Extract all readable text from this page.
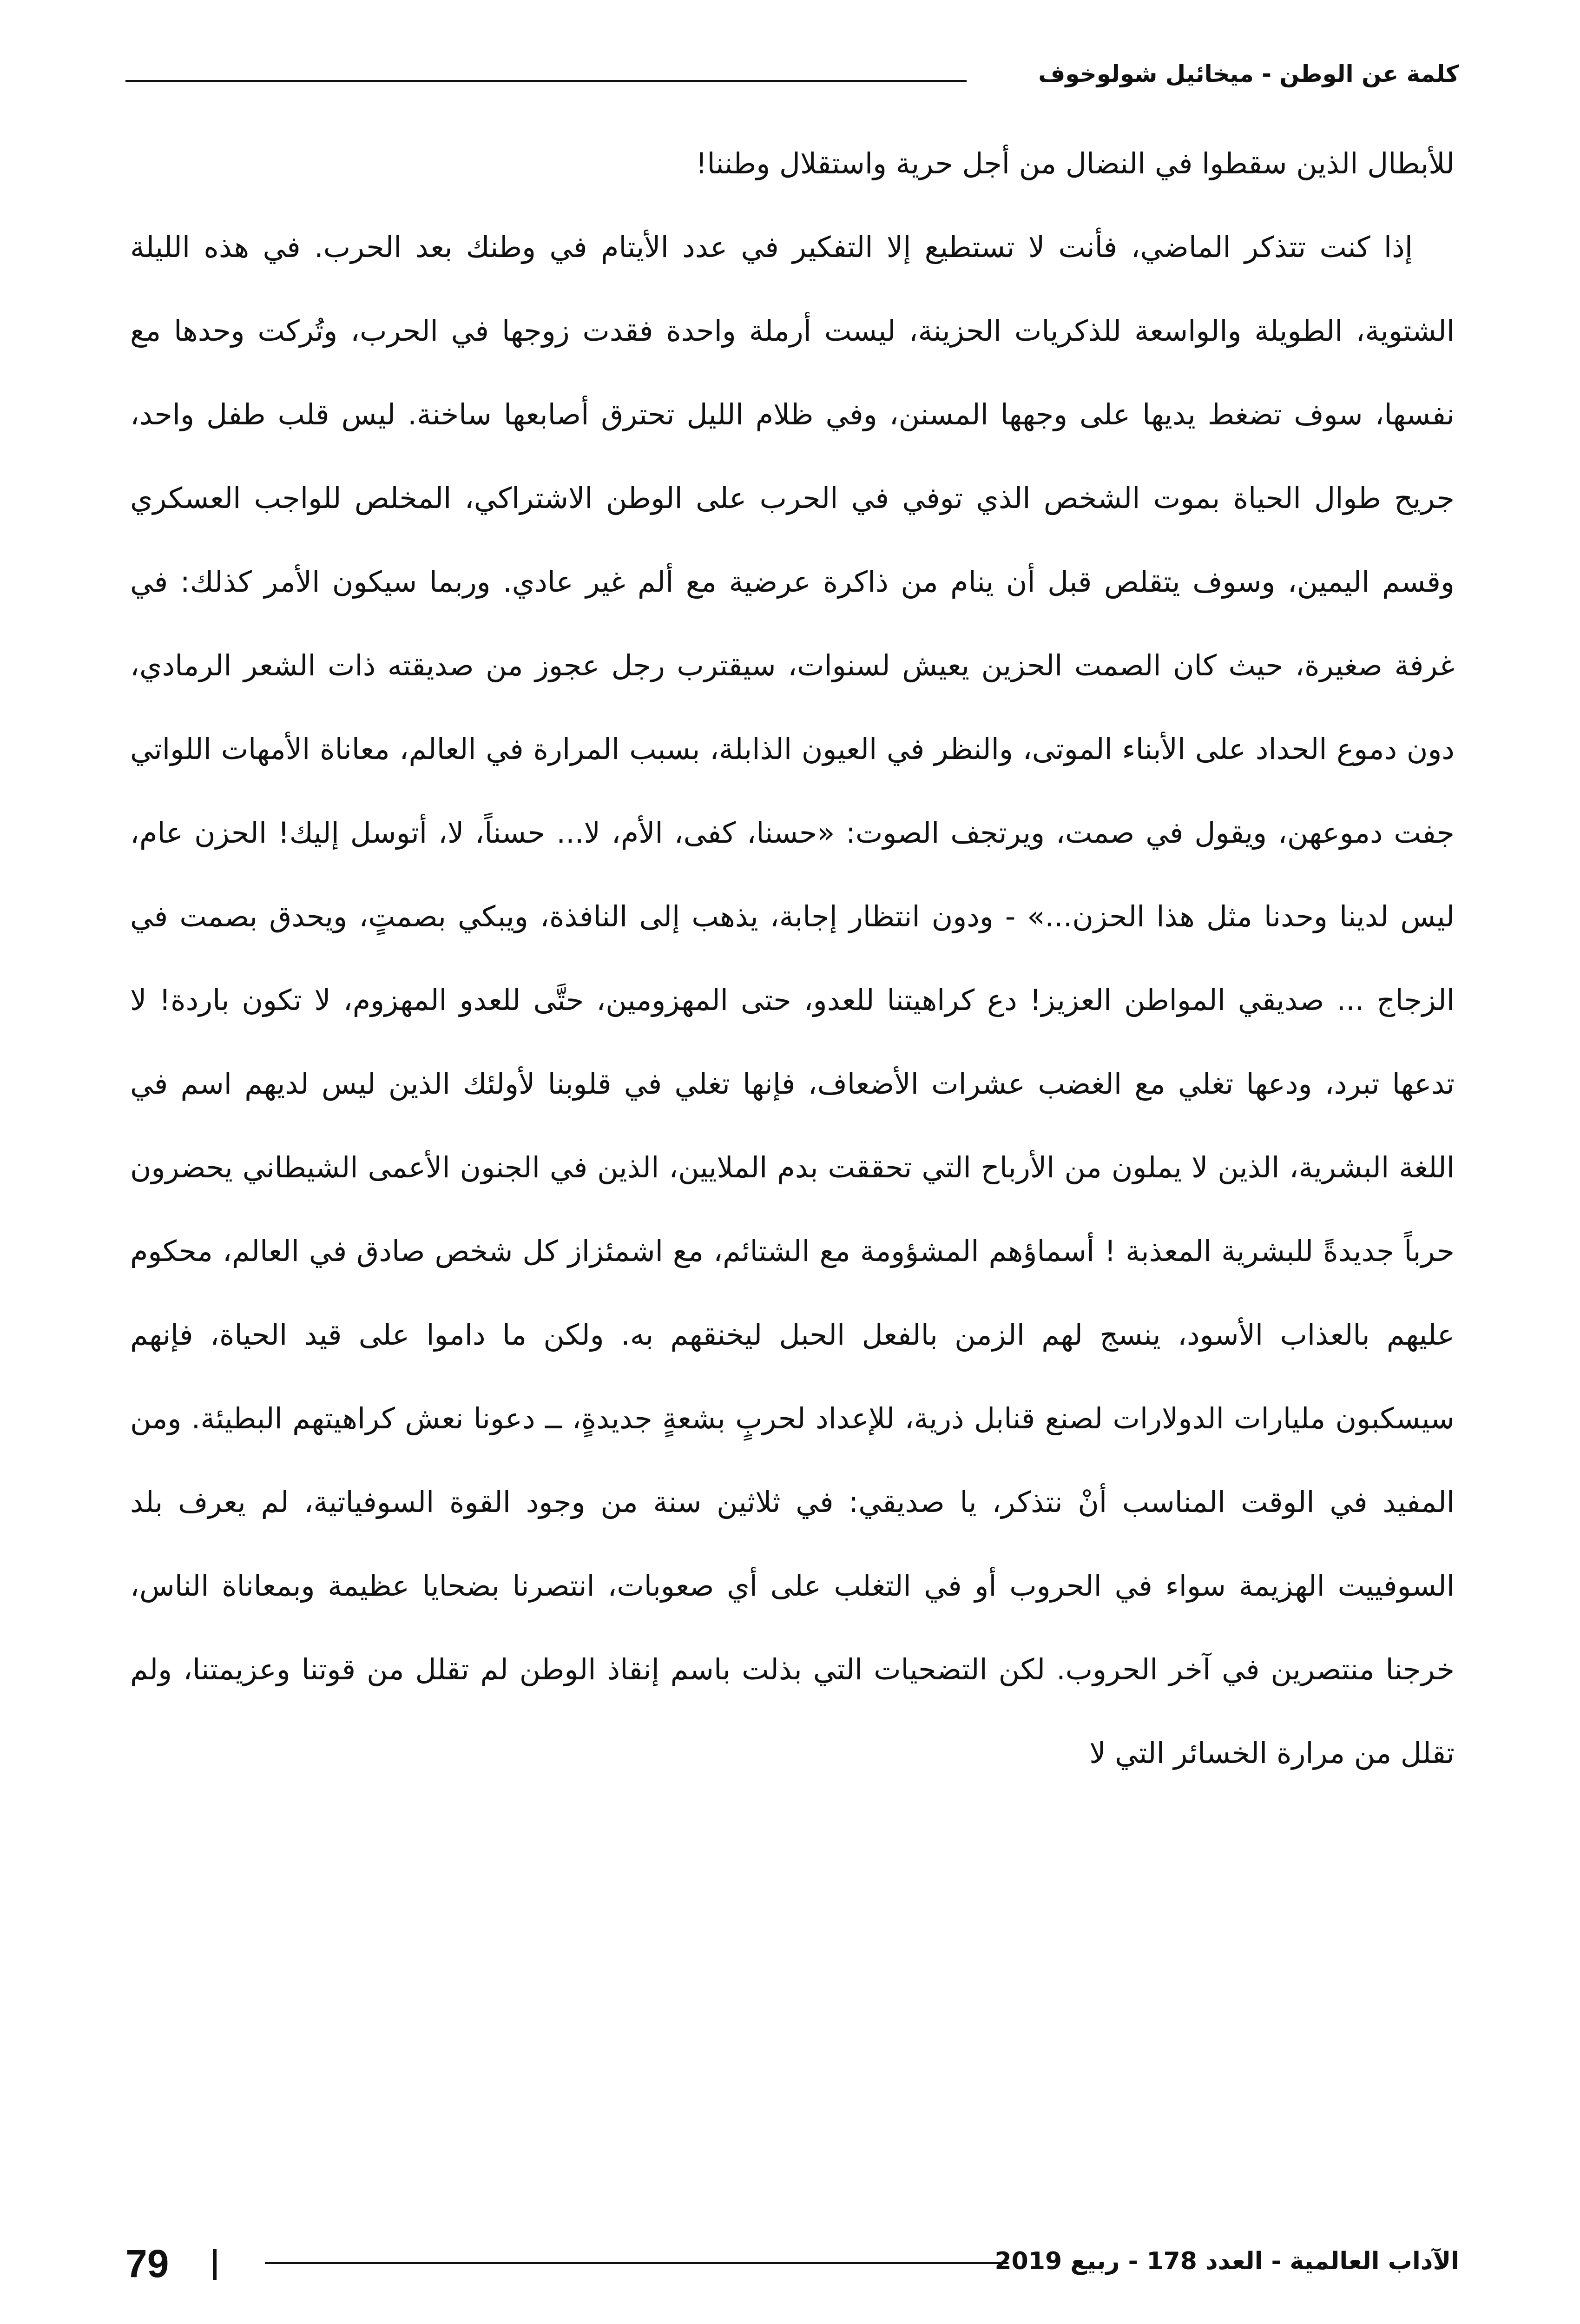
كلمة عن الوطن - ميخائيل شولوخوف

للأبطال الذين سقطوا في النضال من أجل حرية واستقلال وطننا!

إذا كنت تتذكر الماضي، فأنت لا تستطيع إلا التفكير في عدد الأيتام في وطنك بعد الحرب. في هذه الليلة الشتوية، الطويلة والواسعة للذكريات الحزينة، ليست أرملة واحدة فقدت زوجها في الحرب، وتُركت وحدها مع نفسها، سوف تضغط يديها على وجهها المسنن، وفي ظلام الليل تحترق أصابعها ساخنة. ليس قلب طفل واحد، جريح طوال الحياة بموت الشخص الذي توفي في الحرب على الوطن الاشتراكي، المخلص للواجب العسكري وقسم اليمين، وسوف يتقلص قبل أن ينام من ذاكرة عرضية مع ألم غير عادي. وربما سيكون الأمر كذلك: في غرفة صغيرة، حيث كان الصمت الحزين يعيش لسنوات، سيقترب رجل عجوز من صديقته ذات الشعر الرمادي، دون دموع الحداد على الأبناء الموتى، والنظر في العيون الذابلة، بسبب المرارة في العالم، معاناة الأمهات اللواتي جفت دموعهن، ويقول في صمت، ويرتجف الصوت: «حسنا، كفى، الأم، لا... حسناً، لا، أتوسل إليك! الحزن عام، ليس لدينا وحدنا مثل هذا الحزن...» - ودون انتظار إجابة، يذهب إلى النافذة، ويبكي بصمتٍ، ويحدق بصمت في الزجاج ... صديقي المواطن العزيز! دع كراهيتنا للعدو، حتى المهزومين، حتَّى للعدو المهزوم، لا تكون باردة! لا تدعها تبرد، ودعها تغلي مع الغضب عشرات الأضعاف، فإنها تغلي في قلوبنا لأولئك الذين ليس لديهم اسم في اللغة البشرية، الذين لا يملون من الأرباح التي تحققت بدم الملايين، الذين في الجنون الأعمى الشيطاني يحضرون حرباً جديدةً للبشرية المعذبة ! أسماؤهم المشؤومة مع الشتائم، مع اشمئزاز كل شخص صادق في العالم، محكوم عليهم بالعذاب الأسود، ينسج لهم الزمن بالفعل الحبل ليخنقهم به. ولكن ما داموا على قيد الحياة، فإنهم سيسكبون مليارات الدولارات لصنع قنابل ذرية، للإعداد لحربٍ بشعةٍ جديدةٍ، ــ دعونا نعش كراهيتهم البطيئة. ومن المفيد في الوقت المناسب أنْ نتذكر، يا صديقي: في ثلاثين سنة من وجود القوة السوفياتية، لم يعرف بلد السوفييت الهزيمة سواء في الحروب أو في التغلب على أي صعوبات، انتصرنا بضحايا عظيمة وبمعاناة الناس، خرجنا منتصرين في آخر الحروب. لكن التضحيات التي بذلت باسم إنقاذ الوطن لم تقلل من قوتنا وعزيمتنا، ولم تقلل من مرارة الخسائر التي لا

79	الآداب العالمية - العدد 178 - ربيع 2019
